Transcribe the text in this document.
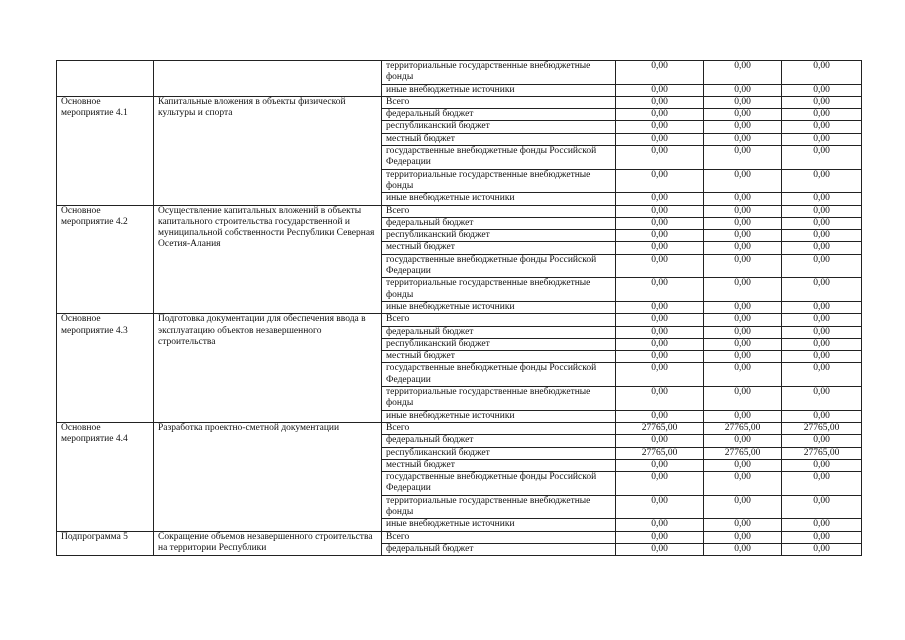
		территориальные государственные внебюджетные фонды	0,00	0,00	0,00
		иные внебюджетные источники	0,00	0,00	0,00
Основное мероприятие 4.1	Капитальные вложения в объекты физической культуры и спорта	Всего	0,00	0,00	0,00
		федеральный бюджет	0,00	0,00	0,00
		республиканский бюджет	0,00	0,00	0,00
		местный бюджет	0,00	0,00	0,00
		государственные внебюджетные фонды Российской Федерации	0,00	0,00	0,00
		территориальные государственные внебюджетные фонды	0,00	0,00	0,00
		иные внебюджетные источники	0,00	0,00	0,00
Основное мероприятие 4.2	Осуществление капитальных вложений в объекты капитального строительства государственной и муниципальной собственности Республики Северная Осетия-Алания	Всего	0,00	0,00	0,00
		федеральный бюджет	0,00	0,00	0,00
		республиканский бюджет	0,00	0,00	0,00
		местный бюджет	0,00	0,00	0,00
		государственные внебюджетные фонды Российской Федерации	0,00	0,00	0,00
		территориальные государственные внебюджетные фонды	0,00	0,00	0,00
		иные внебюджетные источники	0,00	0,00	0,00
Основное мероприятие 4.3	Подготовка документации для обеспечения ввода в эксплуатацию объектов незавершенного строительства	Всего	0,00	0,00	0,00
		федеральный бюджет	0,00	0,00	0,00
		республиканский бюджет	0,00	0,00	0,00
		местный бюджет	0,00	0,00	0,00
		государственные внебюджетные фонды Российской Федерации	0,00	0,00	0,00
		территориальные государственные внебюджетные фонды	0,00	0,00	0,00
		иные внебюджетные источники	0,00	0,00	0,00
Основное мероприятие 4.4	Разработка проектно-сметной документации	Всего	27765,00	27765,00	27765,00
		федеральный бюджет	0,00	0,00	0,00
		республиканский бюджет	27765,00	27765,00	27765,00
		местный бюджет	0,00	0,00	0,00
		государственные внебюджетные фонды Российской Федерации	0,00	0,00	0,00
		территориальные государственные внебюджетные фонды	0,00	0,00	0,00
		иные внебюджетные источники	0,00	0,00	0,00
Подпрограмма 5	Сокращение объемов незавершенного строительства на территории Республики	Всего	0,00	0,00	0,00
		федеральный бюджет	0,00	0,00	0,00
